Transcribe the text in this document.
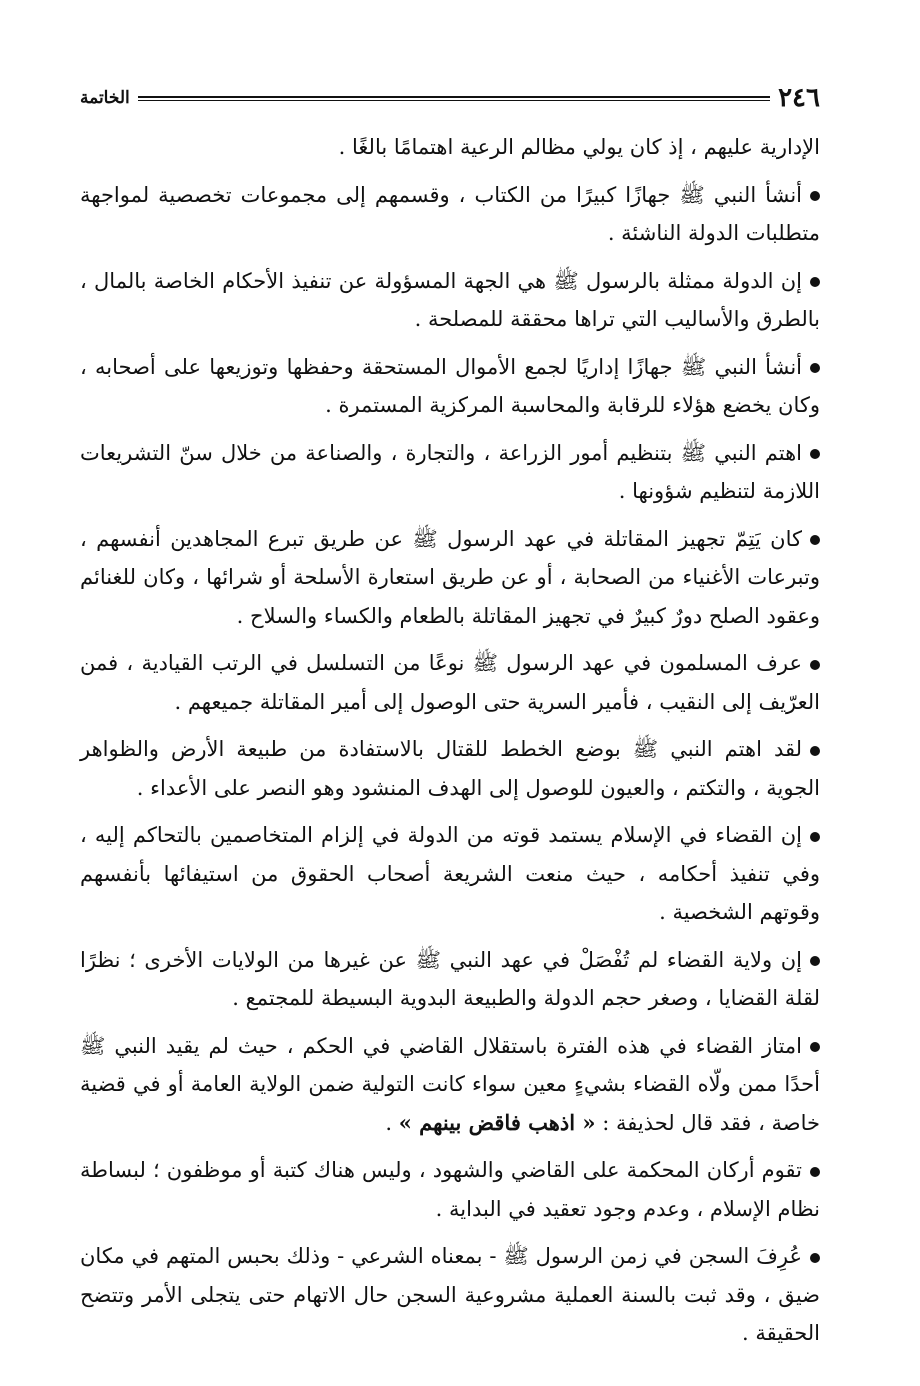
٢٤٦
الخاتمة

الإدارية عليهم ، إذ كان يولي مظالم الرعية اهتمامًا بالغًا .

أنشأ النبي ﷺ جهازًا كبيرًا من الكتاب ، وقسمهم إلى مجموعات تخصصية لمواجهة متطلبات الدولة الناشئة .

إن الدولة ممثلة بالرسول ﷺ هي الجهة المسؤولة عن تنفيذ الأحكام الخاصة بالمال ، بالطرق والأساليب التي تراها محققة للمصلحة .

أنشأ النبي ﷺ جهازًا إداريًا لجمع الأموال المستحقة وحفظها وتوزيعها على أصحابه ، وكان يخضع هؤلاء للرقابة والمحاسبة المركزية المستمرة .

اهتم النبي ﷺ بتنظيم أمور الزراعة ، والتجارة ، والصناعة من خلال سنّ التشريعات اللازمة لتنظيم شؤونها .

كان يَتِمّ تجهيز المقاتلة في عهد الرسول ﷺ عن طريق تبرع المجاهدين أنفسهم ، وتبرعات الأغنياء من الصحابة ، أو عن طريق استعارة الأسلحة أو شرائها ، وكان للغنائم وعقود الصلح دورٌ كبيرٌ في تجهيز المقاتلة بالطعام والكساء والسلاح .

عرف المسلمون في عهد الرسول ﷺ نوعًا من التسلسل في الرتب القيادية ، فمن العرّيف إلى النقيب ، فأمير السرية حتى الوصول إلى أمير المقاتلة جميعهم .

لقد اهتم النبي ﷺ بوضع الخطط للقتال بالاستفادة من طبيعة الأرض والظواهر الجوية ، والتكتم ، والعيون للوصول إلى الهدف المنشود وهو النصر على الأعداء .

إن القضاء في الإسلام يستمد قوته من الدولة في إلزام المتخاصمين بالتحاكم إليه ، وفي تنفيذ أحكامه ، حيث منعت الشريعة أصحاب الحقوق من استيفائها بأنفسهم وقوتهم الشخصية .

إن ولاية القضاء لم تُفْصَلْ في عهد النبي ﷺ عن غيرها من الولايات الأخرى ؛ نظرًا لقلة القضايا ، وصغر حجم الدولة والطبيعة البدوية البسيطة للمجتمع .

امتاز القضاء في هذه الفترة باستقلال القاضي في الحكم ، حيث لم يقيد النبي ﷺ أحدًا ممن ولّاه القضاء بشيءٍ معين سواء كانت التولية ضمن الولاية العامة أو في قضية خاصة ، فقد قال لحذيفة : « اذهب فاقض بينهم » .

تقوم أركان المحكمة على القاضي والشهود ، وليس هناك كتبة أو موظفون ؛ لبساطة نظام الإسلام ، وعدم وجود تعقيد في البداية .

عُرِفَ السجن في زمن الرسول ﷺ - بمعناه الشرعي - وذلك بحبس المتهم في مكان ضيق ، وقد ثبت بالسنة العملية مشروعية السجن حال الاتهام حتى يتجلى الأمر وتتضح الحقيقة .
